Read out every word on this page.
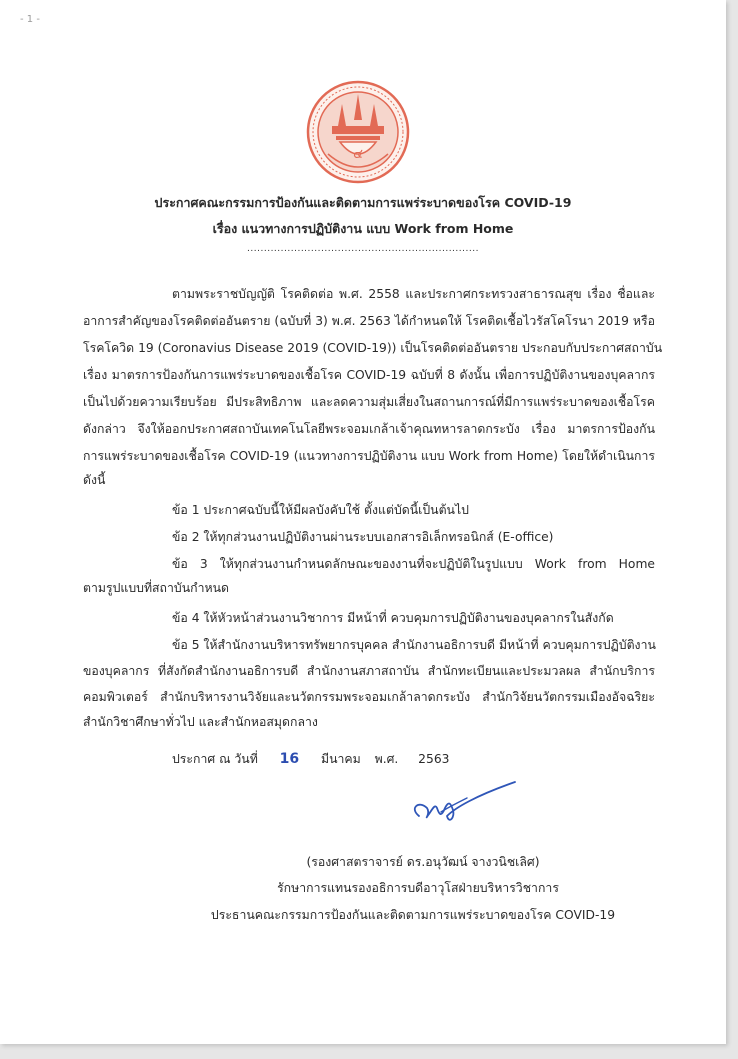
- 1 -
๔
ประกาศคณะกรรมการป้องกันและติดตามการแพร่ระบาดของโรค COVID-19
เรื่อง แนวทางการปฏิบัติงาน แบบ Work from Home
.....................................................................
ตามพระราชบัญญัติ โรคติดต่อ พ.ศ. 2558 และประกาศกระทรวงสาธารณสุข เรื่อง ชื่อและ
อาการสำคัญของโรคติดต่ออันตราย (ฉบับที่ 3) พ.ศ. 2563 ได้กำหนดให้ โรคติดเชื้อไวรัสโคโรนา 2019 หรือ
โรคโควิด 19 (Coronavius Disease 2019 (COVID-19)) เป็นโรคติดต่ออันตราย ประกอบกับประกาศสถาบัน
เรื่อง มาตรการป้องกันการแพร่ระบาดของเชื้อโรค COVID-19 ฉบับที่ 8 ดังนั้น เพื่อการปฏิบัติงานของบุคลากร
เป็นไปด้วยความเรียบร้อย มีประสิทธิภาพ และลดความสุ่มเสี่ยงในสถานการณ์ที่มีการแพร่ระบาดของเชื้อโรค
ดังกล่าว จึงให้ออกประกาศสถาบันเทคโนโลยีพระจอมเกล้าเจ้าคุณทหารลาดกระบัง เรื่อง มาตรการป้องกัน
การแพร่ระบาดของเชื้อโรค COVID-19 (แนวทางการปฏิบัติงาน แบบ Work from Home) โดยให้ดำเนินการ
ดังนี้
ข้อ 1 ประกาศฉบับนี้ให้มีผลบังคับใช้ ตั้งแต่บัดนี้เป็นต้นไป
ข้อ 2 ให้ทุกส่วนงานปฏิบัติงานผ่านระบบเอกสารอิเล็กทรอนิกส์ (E-office)
ข้อ 3 ให้ทุกส่วนงานกำหนดลักษณะของงานที่จะปฏิบัติในรูปแบบ Work from Home
ตามรูปแบบที่สถาบันกำหนด
ข้อ 4 ให้หัวหน้าส่วนงานวิชาการ มีหน้าที่ ควบคุมการปฏิบัติงานของบุคลากรในสังกัด
ข้อ 5 ให้สำนักงานบริหารทรัพยากรบุคคล สำนักงานอธิการบดี มีหน้าที่ ควบคุมการปฏิบัติงาน
ของบุคลากร ที่สังกัดสำนักงานอธิการบดี สำนักงานสภาสถาบัน สำนักทะเบียนและประมวลผล สำนักบริการ
คอมพิวเตอร์ สำนักบริหารงานวิจัยและนวัตกรรมพระจอมเกล้าลาดกระบัง สำนักวิจัยนวัตกรรมเมืองอัจฉริยะ
สำนักวิชาศึกษาทั่วไป และสำนักหอสมุดกลาง
ประกาศ ณ วันที่ 16 มีนาคม พ.ศ. 2563
(รองศาสตราจารย์ ดร.อนุวัฒน์ จางวนิชเลิศ)
รักษาการแทนรองอธิการบดีอาวุโสฝ่ายบริหารวิชาการ
ประธานคณะกรรมการป้องกันและติดตามการแพร่ระบาดของโรค COVID-19
